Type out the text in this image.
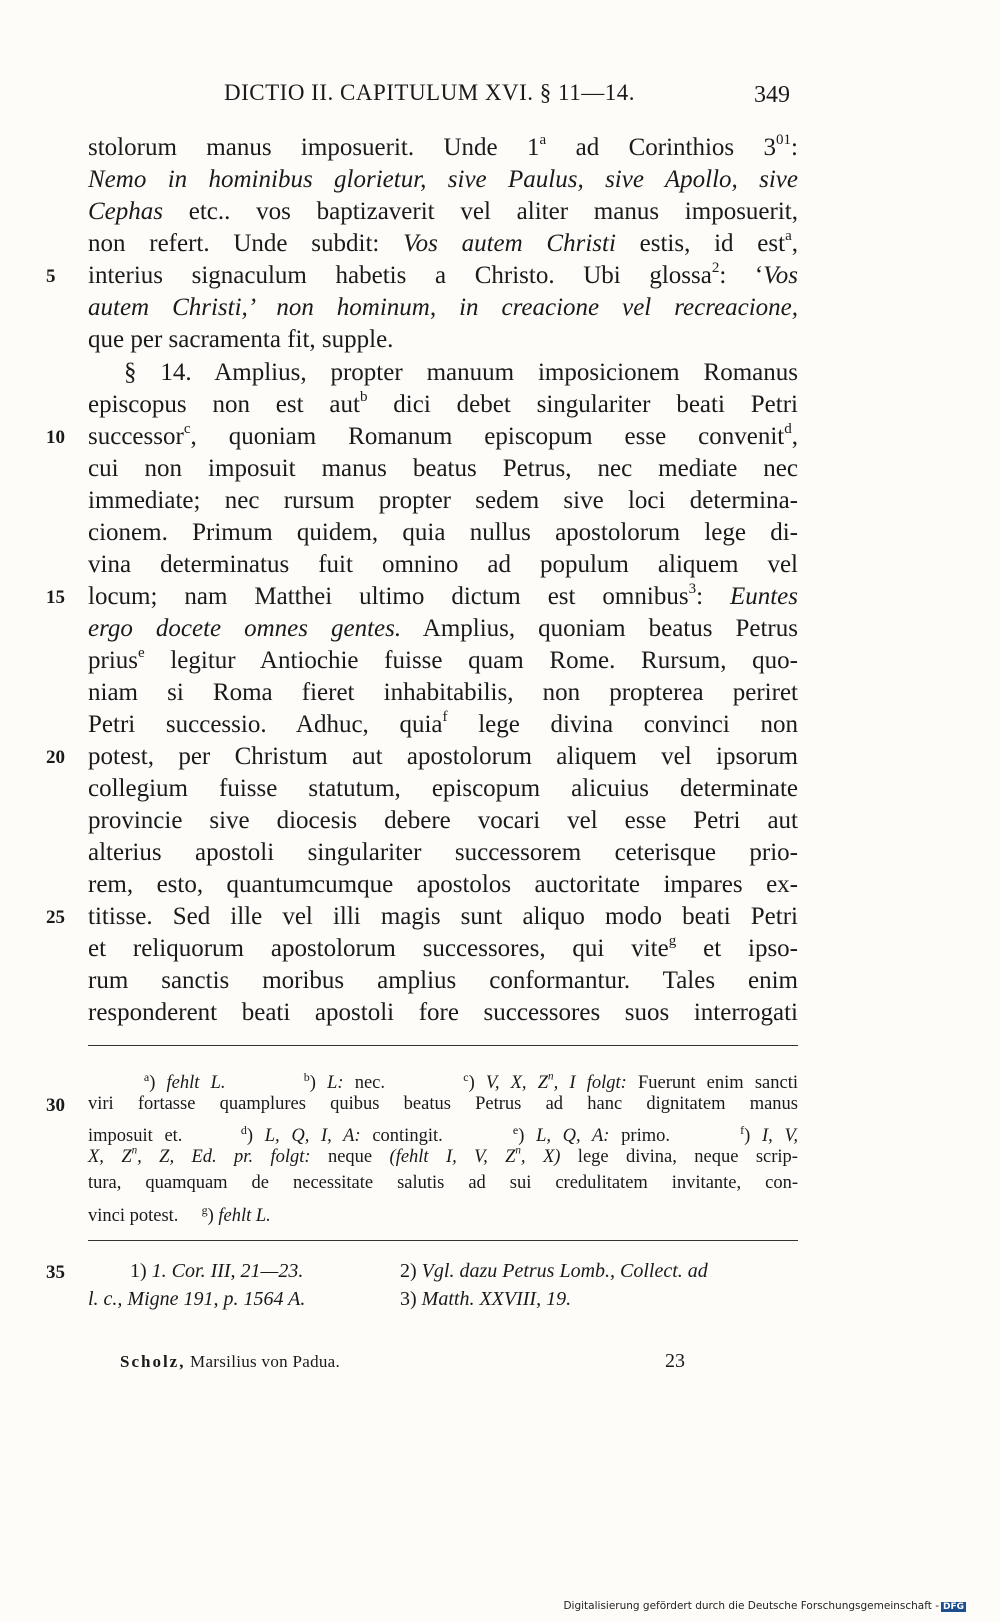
DICTIO II. CAPITULUM XVI. § 11—14.	349
stolorum manus imposuerit. Unde 1$^a$ ad Corinthios $3^{01}$:
Nemo in hominibus glorietur, sive Paulus, sive Apollo, sive
Cephas etc.. vos baptizaverit vel aliter manus imposuerit,
non refert. Unde subdit: Vos autem Christi estis, id est$^a$,
interius signaculum habetis a Christo. Ubi glossa$^2$: ‘Vos
5
autem Christi,’ non hominum, in creacione vel recreacione,
que per sacramenta fit, supple.
§ 14. Amplius, propter manuum imposicionem Romanus
episcopus non est aut$^b$ dici debet singulariter beati Petri
successor$^c$, quoniam Romanum episcopum esse convenit$^d$,
10
cui non imposuit manus beatus Petrus, nec mediate nec
immediate; nec rursum propter sedem sive loci determina-
cionem. Primum quidem, quia nullus apostolorum lege di-
vina determinatus fuit omnino ad populum aliquem vel
locum; nam Matthei ultimo dictum est omnibus$^3$: Euntes
15
ergo docete omnes gentes. Amplius, quoniam beatus Petrus
prius$^e$ legitur Antiochie fuisse quam Rome. Rursum, quo-
niam si Roma fieret inhabitabilis, non propterea periret
Petri successio. Adhuc, quia$^f$ lege divina convinci non
potest, per Christum aut apostolorum aliquem vel ipsorum
20
collegium fuisse statutum, episcopum alicuius determinate
provincie sive diocesis debere vocari vel esse Petri aut
alterius apostoli singulariter successorem ceterisque prio-
rem, esto, quantumcumque apostolos auctoritate impares ex-
titisse. Sed ille vel illi magis sunt aliquo modo beati Petri
25
et reliquorum apostolorum successores, qui vite$^g$ et ipso-
rum sanctis moribus amplius conformantur. Tales enim
responderent beati apostoli fore successores suos interrogati
$^a$) fehlt L.	$^b$) L: nec.       $^c$) V, X, $Z^n$, I folgt: Fuerunt enim sancti
viri fortasse quamplures quibus beatus Petrus ad hanc dignitatem manus
30
imposuit et.     $^d$) L, Q, I, A: contingit.      $^e$) L, Q, A: primo.      $^f$) I, V,
X, $Z^n$, Z, Ed. pr. folgt: neque (fehlt I, V, $Z^n$, X) lege divina, neque scrip-
tura, quamquam de necessitate salutis ad sui credulitatem invitante, con-
vinci potest.     $^g$) fehlt L.
35	1) 1. Cor. III, 21—23.
l. c., Migne 191, p. 1564 A.
2) Vgl. dazu Petrus Lomb., Collect. ad
3) Matth. XXVIII, 19.
Scholz, Marsilius von Padua.	23
Digitalisierung gefördert durch die Deutsche Forschungsgemeinschaft - DFG
